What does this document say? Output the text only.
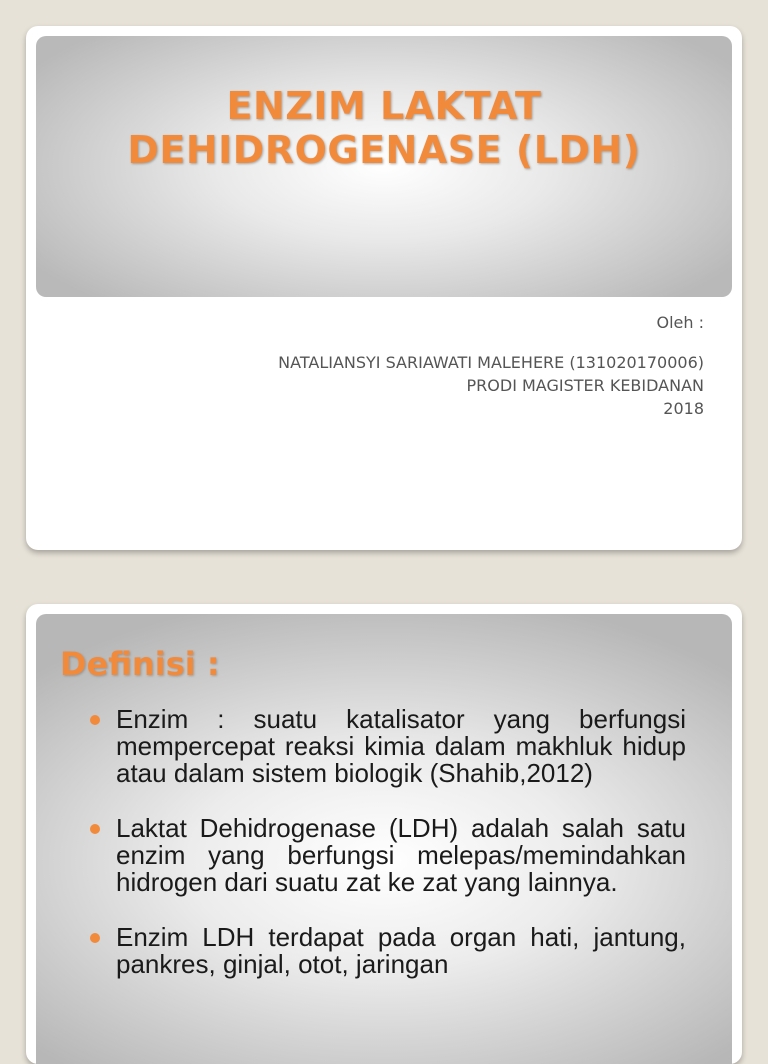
ENZIM LAKTAT
DEHIDROGENASE (LDH)
Oleh :
NATALIANSYI SARIAWATI MALEHERE (131020170006)
PRODI MAGISTER KEBIDANAN
2018
Definisi :
Enzim : suatu katalisator yang berfungsi mempercepat reaksi kimia dalam makhluk hidup atau dalam sistem biologik (Shahib,2012)
Laktat Dehidrogenase (LDH) adalah salah satu enzim yang berfungsi melepas/memindahkan hidrogen dari suatu zat ke zat yang lainnya.
Enzim LDH terdapat pada organ hati, jantung, pankres, ginjal, otot, jaringan
